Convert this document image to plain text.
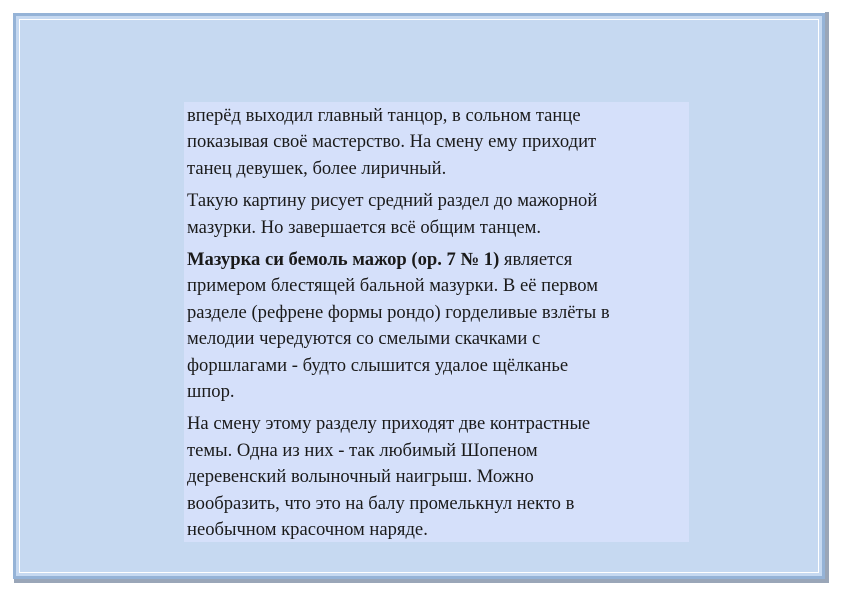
вперёд выходил главный танцор, в сольном танце
показывая своё мастерство. На смену ему приходит
танец девушек, более лиричный.

Такую картину рисует средний раздел до мажорной
мазурки. Но завершается всё общим танцем.

Мазурка си бемоль мажор (ор. 7 № 1) является
примером блестящей бальной мазурки. В её первом
разделе (рефрене формы рондо) горделивые взлёты в
мелодии чередуются со смелыми скачками с
форшлагами - будто слышится удалое щёлканье
шпор.

На смену этому разделу приходят две контрастные
темы. Одна из них - так любимый Шопеном
деревенский волыночный наигрыш. Можно
вообразить, что это на балу промелькнул некто в
необычном красочном наряде.
